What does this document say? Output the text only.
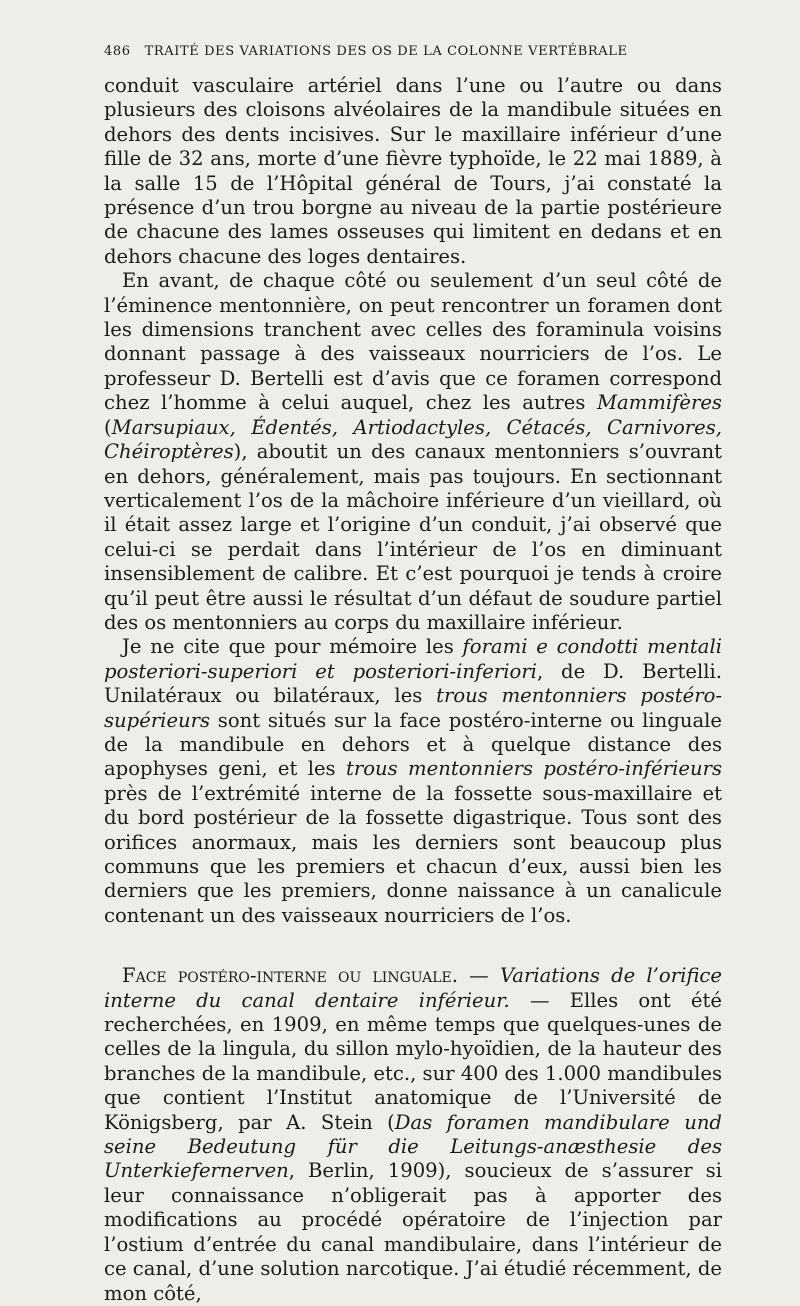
486 TRAITÉ DES VARIATIONS DES OS DE LA COLONNE VERTÉBRALE

conduit vasculaire artériel dans l’une ou l’autre ou dans plusieurs des cloisons alvéolaires de la mandibule situées en dehors des dents incisives. Sur le maxillaire inférieur d’une fille de 32 ans, morte d’une fièvre typhoïde, le 22 mai 1889, à la salle 15 de l’Hôpital général de Tours, j’ai constaté la présence d’un trou borgne au niveau de la partie postérieure de chacune des lames osseuses qui limitent en dedans et en dehors chacune des loges dentaires.

En avant, de chaque côté ou seulement d’un seul côté de l’éminence mentonnière, on peut rencontrer un foramen dont les dimensions tranchent avec celles des foraminula voisins donnant passage à des vaisseaux nourriciers de l’os. Le professeur D. Bertelli est d’avis que ce foramen correspond chez l’homme à celui auquel, chez les autres Mammifères (Marsupiaux, Édentés, Artiodactyles, Cétacés, Carnivores, Chéiroptères), aboutit un des canaux mentonniers s’ouvrant en dehors, généralement, mais pas toujours. En sectionnant verticalement l’os de la mâchoire inférieure d’un vieillard, où il était assez large et l’origine d’un conduit, j’ai observé que celui-ci se perdait dans l’intérieur de l’os en diminuant insensiblement de calibre. Et c’est pourquoi je tends à croire qu’il peut être aussi le résultat d’un défaut de soudure partiel des os mentonniers au corps du maxillaire inférieur.

Je ne cite que pour mémoire les forami e condotti mentali posteriori-superiori et posteriori-inferiori, de D. Bertelli. Unilatéraux ou bilatéraux, les trous mentonniers postéro-supérieurs sont situés sur la face postéro-interne ou linguale de la mandibule en dehors et à quelque distance des apophyses geni, et les trous mentonniers postéro-inférieurs près de l’extrémité interne de la fossette sous-maxillaire et du bord postérieur de la fossette digastrique. Tous sont des orifices anormaux, mais les derniers sont beaucoup plus communs que les premiers et chacun d’eux, aussi bien les derniers que les premiers, donne naissance à un canalicule contenant un des vaisseaux nourriciers de l’os.

Face postéro-interne ou linguale. — Variations de l’orifice interne du canal dentaire inférieur. — Elles ont été recherchées, en 1909, en même temps que quelques-unes de celles de la lingula, du sillon mylo-hyoïdien, de la hauteur des branches de la mandibule, etc., sur 400 des 1.000 mandibules que contient l’Institut anatomique de l’Université de Königsberg, par A. Stein (Das foramen mandibulare und seine Bedeutung für die Leitungs-anæsthesie des Unterkiefernerven, Berlin, 1909), soucieux de s’assurer si leur connaissance n’obligerait pas à apporter des modifications au procédé opératoire de l’injection par l’ostium d’entrée du canal mandibulaire, dans l’intérieur de ce canal, d’une solution narcotique. J’ai étudié récemment, de mon côté,
